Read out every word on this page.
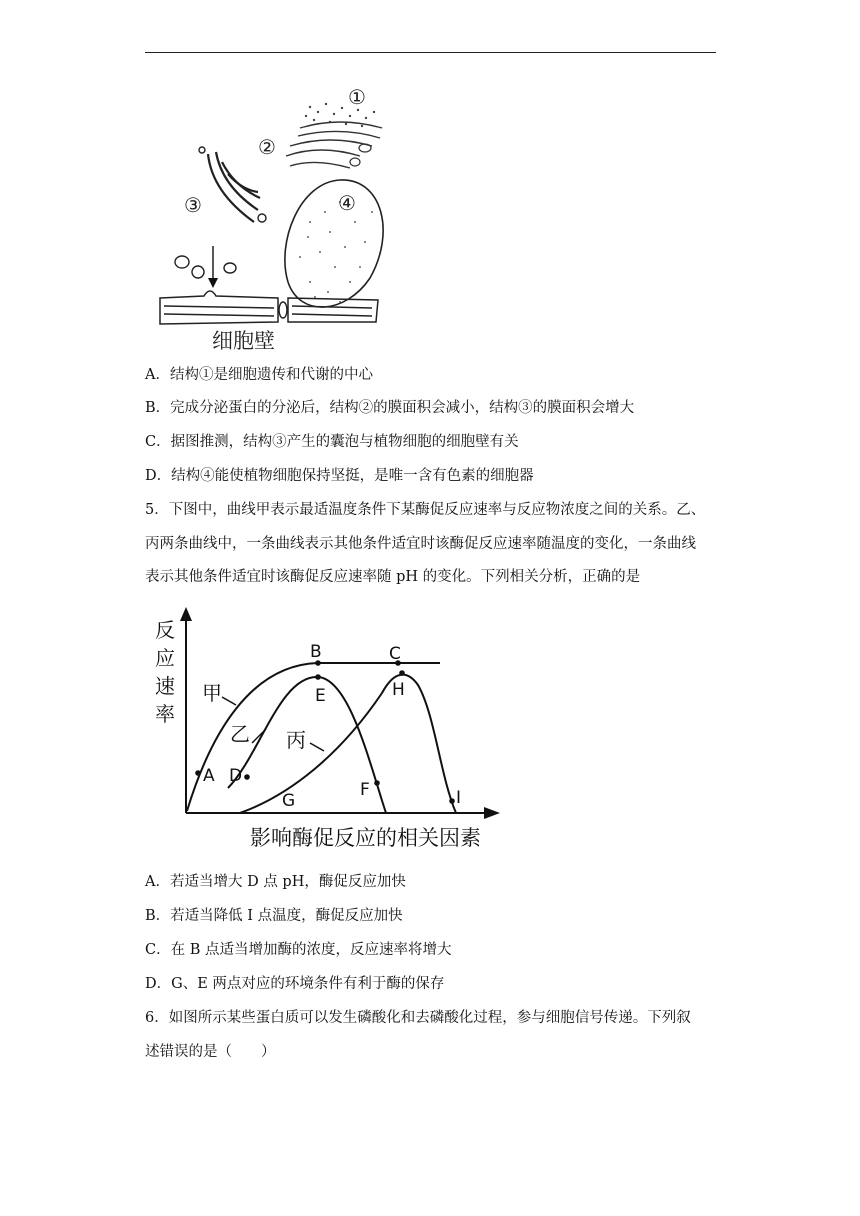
①
②
③	④
细胞壁
A．结构①是细胞遗传和代谢的中心
B．完成分泌蛋白的分泌后，结构②的膜面积会减小，结构③的膜面积会增大
C．据图推测，结构③产生的囊泡与植物细胞的细胞壁有关
D．结构④能使植物细胞保持坚挺，是唯一含有色素的细胞器
5．下图中，曲线甲表示最适温度条件下某酶促反应速率与反应物浓度之间的关系。乙、
丙两条曲线中，一条曲线表示其他条件适宜时该酶促反应速率随温度的变化，一条曲线
表示其他条件适宜时该酶促反应速率随 pH 的变化。下列相关分析，正确的是
反
应
速
率
影响酶促反应的相关因素
甲
乙 丙
A
B	C
D
E
F
G
H
I
A．若适当增大 D 点 pH，酶促反应加快
B．若适当降低 I 点温度，酶促反应加快
C．在 B 点适当增加酶的浓度，反应速率将增大
D．G、E 两点对应的环境条件有利于酶的保存
6．如图所示某些蛋白质可以发生磷酸化和去磷酸化过程，参与细胞信号传递。下列叙
述错误的是（　　）
